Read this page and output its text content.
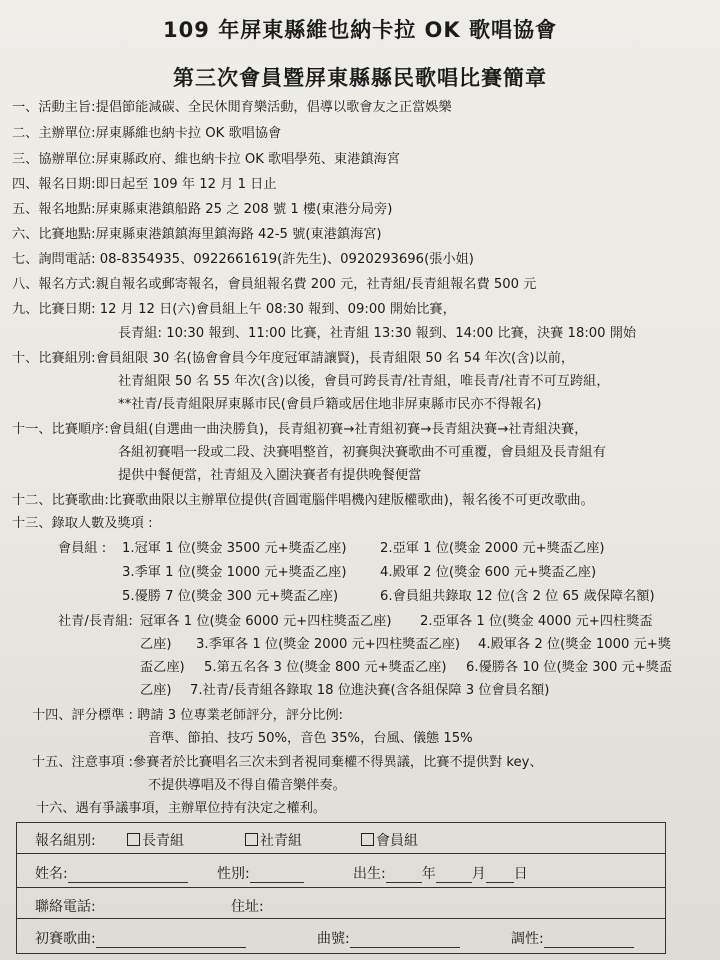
109 年屏東縣維也納卡拉 OK 歌唱協會
第三次會員暨屏東縣縣民歌唱比賽簡章
一、活動主旨:提倡節能減碳、全民休閒育樂活動，倡導以歌會友之正當娛樂
二、主辦單位:屏東縣維也納卡拉 OK 歌唱協會
三、協辦單位:屏東縣政府、維也納卡拉 OK 歌唱學苑、東港鎮海宮
四、報名日期:即日起至 109 年 12 月 1 日止
五、報名地點:屏東縣東港鎮船路 25 之 208 號 1 樓(東港分局旁)
六、比賽地點:屏東縣東港鎮鎮海里鎮海路 42-5 號(東港鎮海宮)
七、詢問電話: 08-8354935、0922661619(許先生)、0920293696(張小姐)
八、報名方式:親自報名或郵寄報名，會員組報名費 200 元，社青組/長青組報名費 500 元
九、比賽日期: 12 月 12 日(六)會員組上午 08:30 報到、09:00 開始比賽，
長青組: 10:30 報到、11:00 比賽，社青組 13:30 報到、14:00 比賽，決賽 18:00 開始
十、比賽組別:會員組限 30 名(協會會員今年度冠軍請讓賢)，長青組限 50 名 54 年次(含)以前，
社青組限 50 名 55 年次(含)以後，會員可跨長青/社青組，唯長青/社青不可互跨組，
**社青/長青組限屏東縣市民(會員戶籍或居住地非屏東縣市民亦不得報名)
十一、比賽順序:會員組(自選曲一曲決勝負)，長青組初賽→社青組初賽→長青組決賽→社青組決賽，
各組初賽唱一段或二段、決賽唱整首，初賽與決賽歌曲不可重覆，會員組及長青組有
提供中餐便當，社青組及入圍決賽者有提供晚餐便當
十二、比賽歌曲:比賽歌曲限以主辦單位提供(音圓電腦伴唱機內建版權歌曲)，報名後不可更改歌曲。
十三、錄取人數及獎項 :
會員組 : 1.冠軍 1 位(獎金 3500 元+獎盃乙座)	2.亞軍 1 位(獎金 2000 元+獎盃乙座)
3.季軍 1 位(獎金 1000 元+獎盃乙座)	4.殿軍 2 位(獎金 600 元+獎盃乙座)
5.優勝 7 位(獎金 300 元+獎盃乙座)	6.會員組共錄取 12 位(含 2 位 65 歲保障名額)
社青/長青組: 冠軍各 1 位(獎金 6000 元+四柱獎盃乙座) 2.亞軍各 1 位(獎金 4000 元+四柱獎盃
乙座) 3.季軍各 1 位(獎金 2000 元+四柱獎盃乙座) 4.殿軍各 2 位(獎金 1000 元+獎
盃乙座) 5.第五名各 3 位(獎金 800 元+獎盃乙座) 6.優勝各 10 位(獎金 300 元+獎盃
乙座) 7.社青/長青組各錄取 18 位進決賽(含各組保障 3 位會員名額)
十四、評分標準 : 聘請 3 位專業老師評分，評分比例:
音準、節拍、技巧 50%，音色 35%，台風、儀態 15%
十五、注意事項 :參賽者於比賽唱名三次未到者視同棄權不得異議，比賽不提供對 key、
不提供導唱及不得自備音樂伴奏。
十六、遇有爭議事項，主辦單位持有決定之權利。
報名組別:	長青組	社青組	會員組
姓名:	性別:	出生:	年	月 日
聯絡電話:	住址:
初賽歌曲:	曲號:	調性:
